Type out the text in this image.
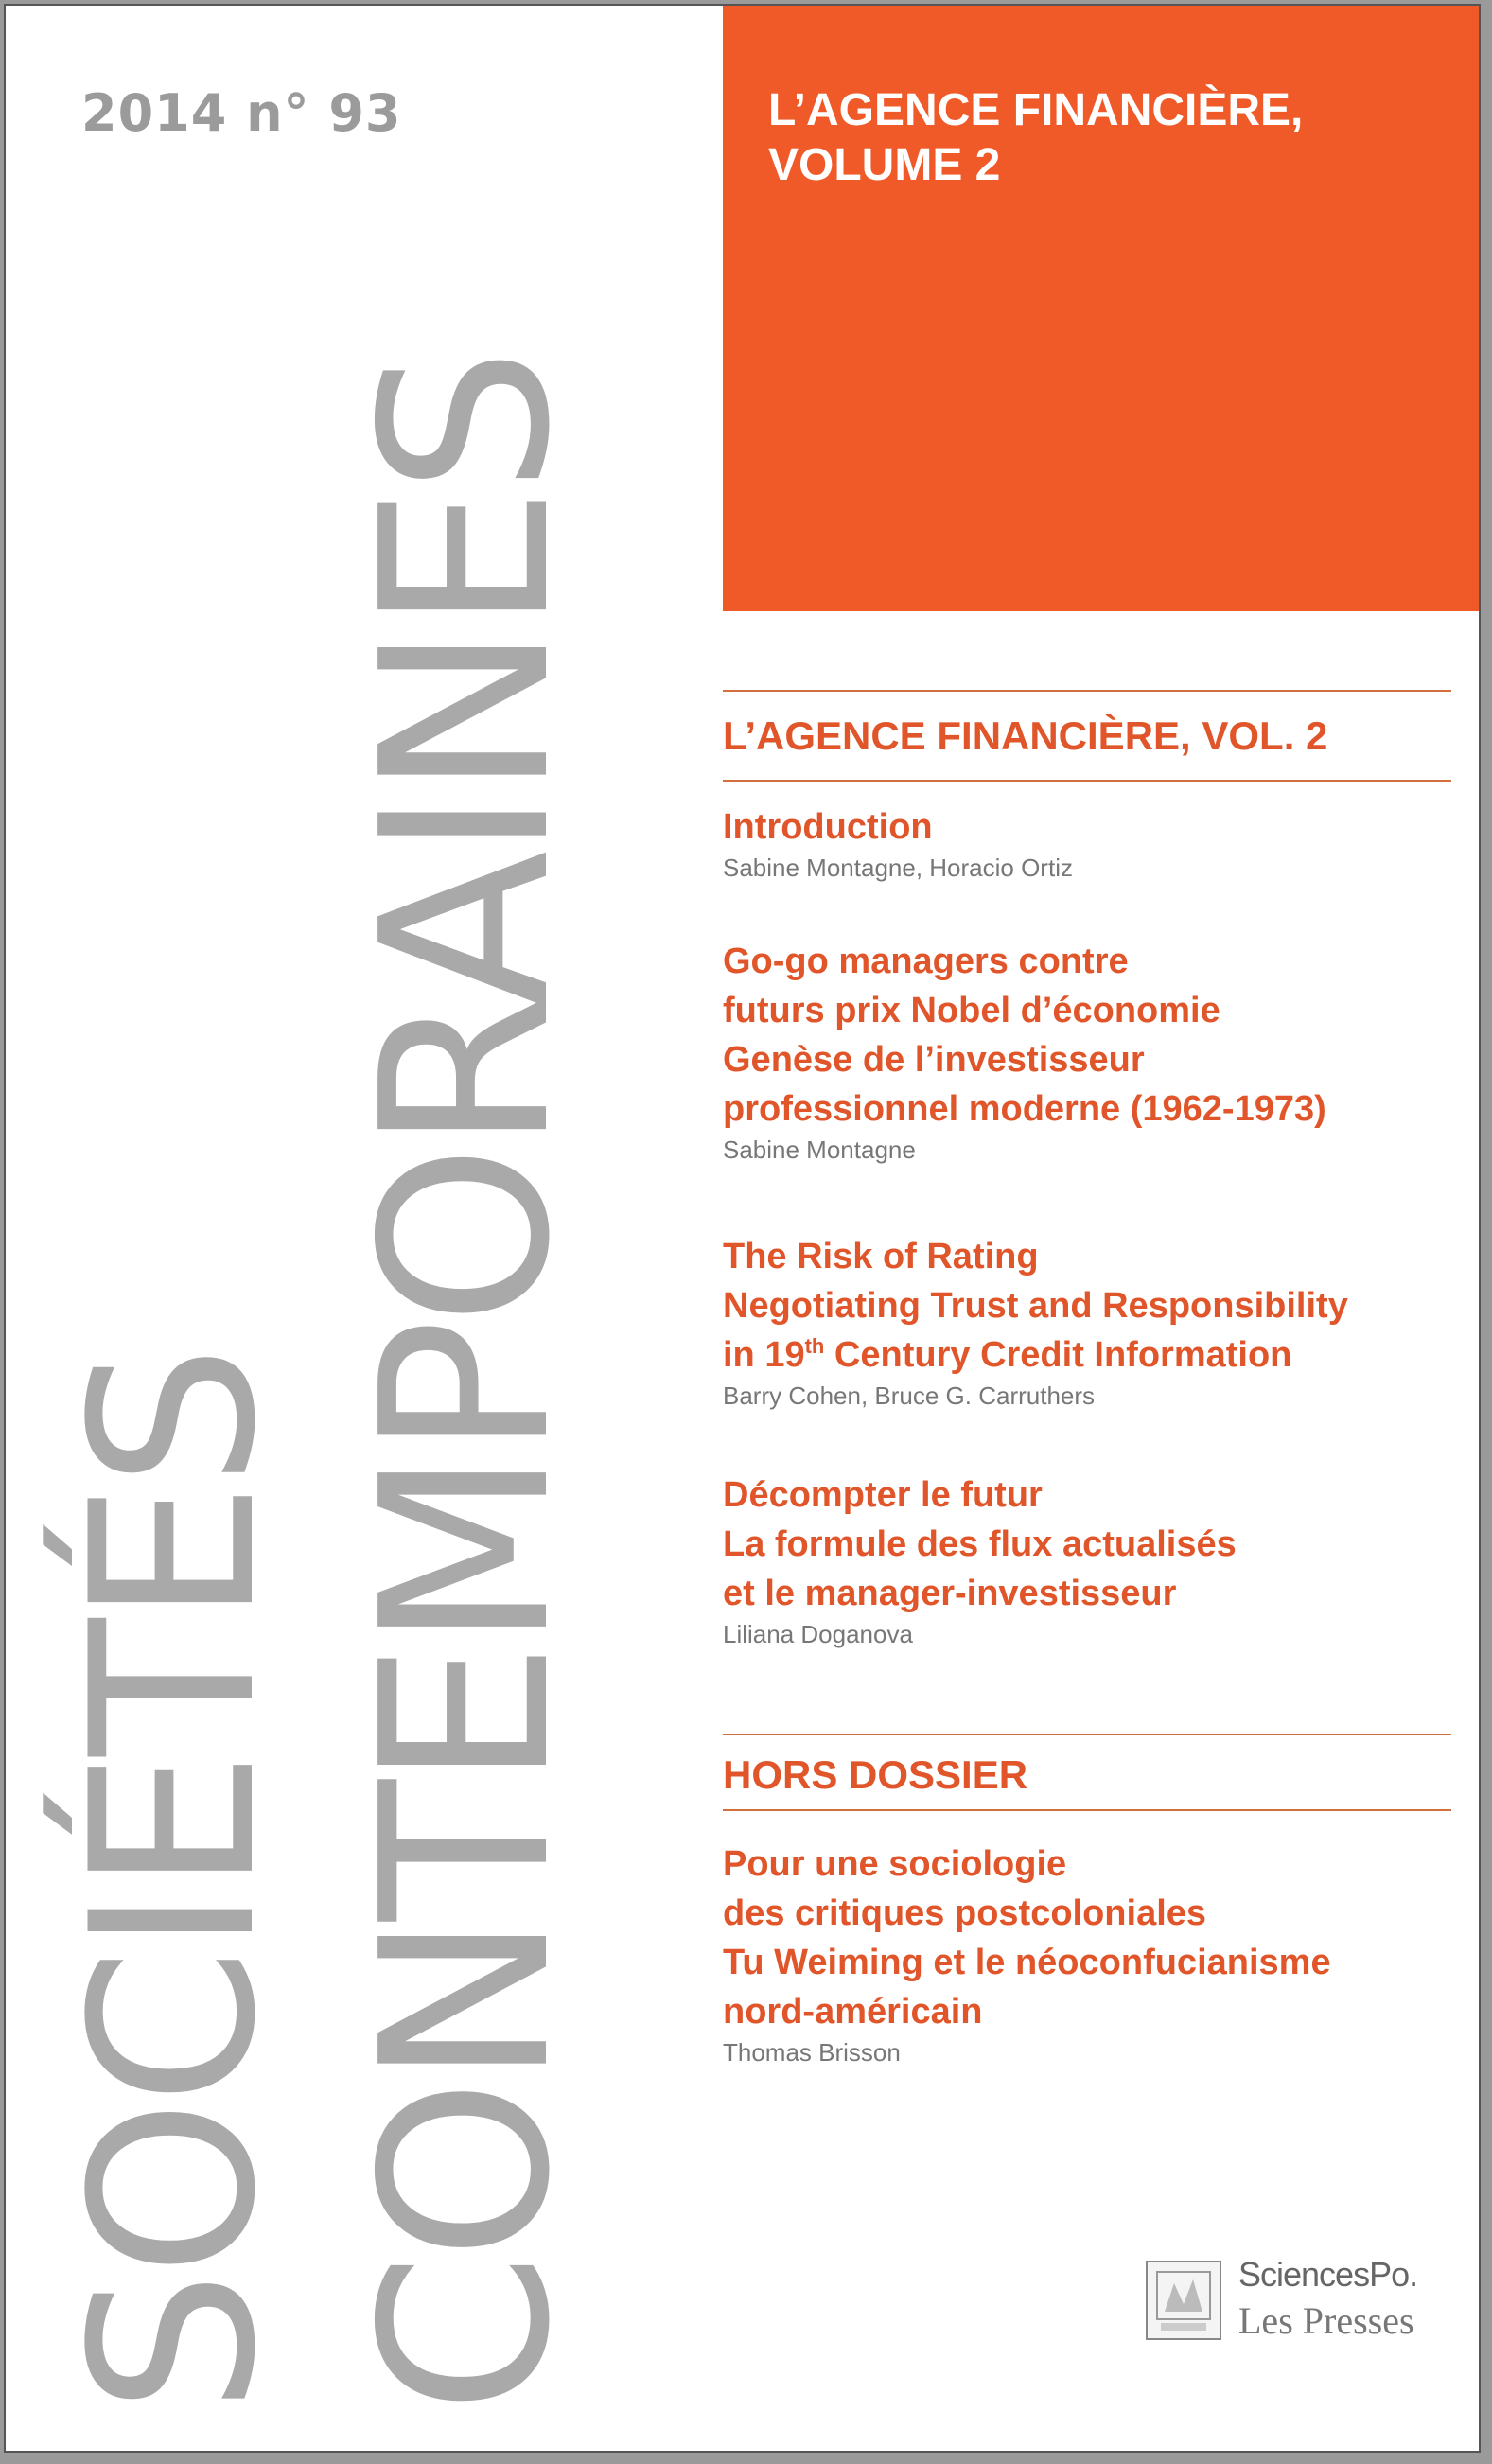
2014 n° 93
SOCIÉTÉS CONTEMPORAINES
L’AGENCE FINANCIÈRE,
VOLUME 2
L’AGENCE FINANCIÈRE, VOL. 2
Introduction
Sabine Montagne, Horacio Ortiz
Go-go managers contre
futurs prix Nobel d’économie
Genèse de l’investisseur
professionnel moderne (1962-1973)
Sabine Montagne
The Risk of Rating
Negotiating Trust and Responsibility
in 19th Century Credit Information
Barry Cohen, Bruce G. Carruthers
Décompter le futur
La formule des flux actualisés
et le manager-investisseur
Liliana Doganova
HORS DOSSIER
Pour une sociologie
des critiques postcoloniales
Tu Weiming et le néoconfucianisme
nord-américain
Thomas Brisson
SciencesPo.
Les Presses
